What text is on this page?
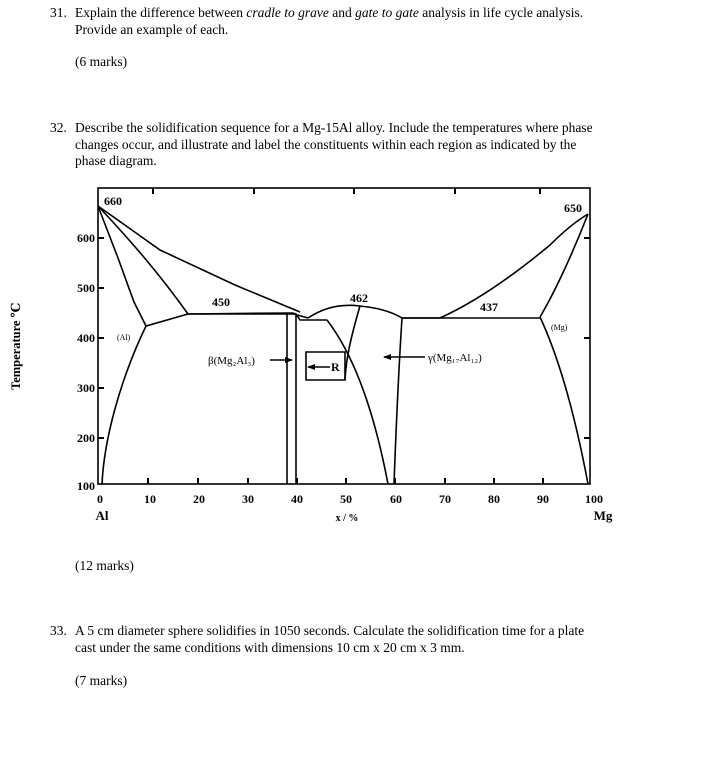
31. Explain the difference between cradle to grave and gate to gate analysis in life cycle analysis.
Provide an example of each.
(6 marks)
32. Describe the solidification sequence for a Mg-15Al alloy. Include the temperatures where phase
changes occur, and illustrate and label the constituents within each region as indicated by the
phase diagram.
Temperature ℃
660	650
450	462
437
R
(Al)
(Mg)
β(Mg₂Al₃)	γ(Mg₁₇Al₁₂)
600
500
400
300
200
100
0	10	20	30	40	50	60	70	80	90	100
Al	Mg
x / %
(12 marks)
33. A 5 cm diameter sphere solidifies in 1050 seconds. Calculate the solidification time for a plate
cast under the same conditions with dimensions 10 cm x 20 cm x 3 mm.
(7 marks)
